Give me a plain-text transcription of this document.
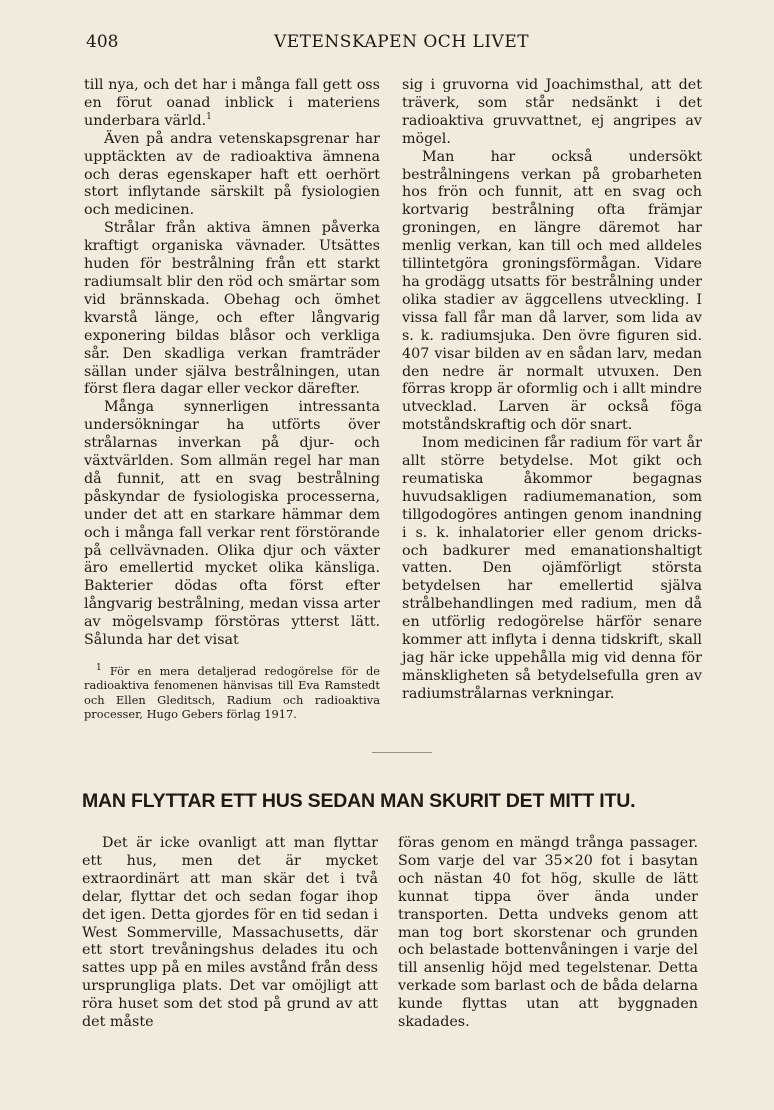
408	VETENSKAPEN OCH LIVET

till nya, och det har i många fall gett oss en förut oanad inblick i materiens underbara värld.$^1$

Även på andra vetenskapsgrenar har upptäckten av de radioaktiva ämnena och deras egenskaper haft ett oerhört stort inflytande särskilt på fysiologien och medicinen.

Strålar från aktiva ämnen påverka kraftigt organiska vävnader. Utsättes huden för bestrålning från ett starkt radiumsalt blir den röd och smärtar som vid brännskada. Obehag och ömhet kvarstå länge, och efter långvarig exponering bildas blåsor och verkliga sår. Den skadliga verkan framträder sällan under själva bestrålningen, utan först flera dagar eller veckor därefter.

Många synnerligen intressanta undersökningar ha utförts över strålarnas inverkan på djur- och växtvärlden. Som allmän regel har man då funnit, att en svag bestrålning påskyndar de fysiologiska processerna, under det att en starkare hämmar dem och i många fall verkar rent förstörande på cellvävnaden. Olika djur och växter äro emellertid mycket olika känsliga. Bakterier dödas ofta först efter långvarig bestrålning, medan vissa arter av mögelsvamp förstöras ytterst lätt. Sålunda har det visat

$^1$ För en mera detaljerad redogörelse för de radioaktiva fenomenen hänvisas till Eva Ramstedt och Ellen Gleditsch, Radium och radioaktiva processer, Hugo Gebers förlag 1917.

sig i gruvorna vid Joachimsthal, att det träverk, som står nedsänkt i det radioaktiva gruvvattnet, ej angripes av mögel.

Man har också undersökt bestrålningens verkan på grobarheten hos frön och funnit, att en svag och kortvarig bestrålning ofta främjar groningen, en längre däremot har menlig verkan, kan till och med alldeles tillintetgöra groningsförmågan. Vidare ha grodägg utsatts för bestrålning under olika stadier av äggcellens utveckling. I vissa fall får man då larver, som lida av s. k. radiumsjuka. Den övre figuren sid. 407 visar bilden av en sådan larv, medan den nedre är normalt utvuxen. Den förras kropp är oformlig och i allt mindre utvecklad. Larven är också föga motståndskraftig och dör snart.

Inom medicinen får radium för vart år allt större betydelse. Mot gikt och reumatiska åkommor begagnas huvudsakligen radiumemanation, som tillgodogöres antingen genom inandning i s. k. inhalatorier eller genom dricks- och badkurer med emanationshaltigt vatten. Den ojämförligt största betydelsen har emellertid själva strålbehandlingen med radium, men då en utförlig redogörelse härför senare kommer att inflyta i denna tidskrift, skall jag här icke uppehålla mig vid denna för mänskligheten så betydelsefulla gren av radiumstrålarnas verkningar.

MAN FLYTTAR ETT HUS SEDAN MAN SKURIT DET MITT ITU.

Det är icke ovanligt att man flyttar ett hus, men det är mycket extraordinärt att man skär det i två delar, flyttar det och sedan fogar ihop det igen. Detta gjordes för en tid sedan i West Sommerville, Massachusetts, där ett stort trevåningshus delades itu och sattes upp på en miles avstånd från dess ursprungliga plats. Det var omöjligt att röra huset som det stod på grund av att det måste

föras genom en mängd trånga passager. Som varje del var 35×20 fot i basytan och nästan 40 fot hög, skulle de lätt kunnat tippa över ända under transporten. Detta undveks genom att man tog bort skorstenar och grunden och belastade bottenvåningen i varje del till ansenlig höjd med tegelstenar. Detta verkade som barlast och de båda delarna kunde flyttas utan att byggnaden skadades.
